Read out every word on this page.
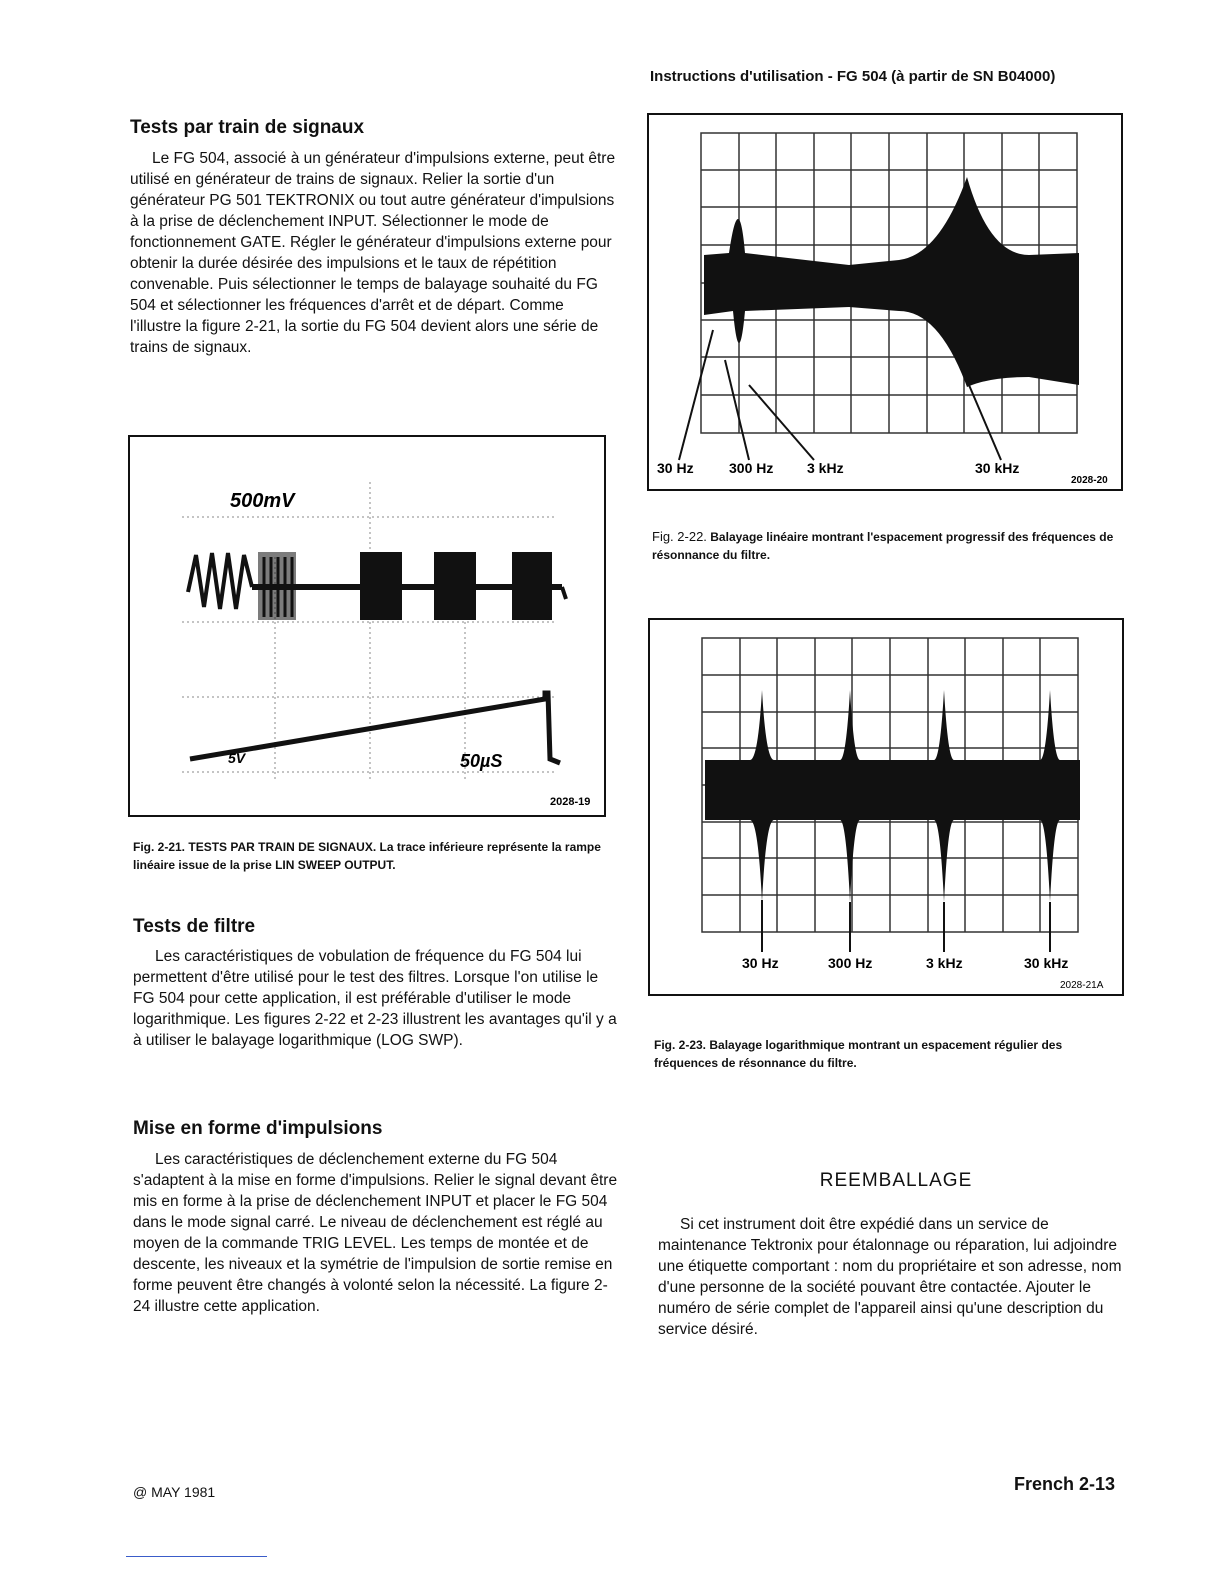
Instructions d'utilisation - FG 504 (à partir de SN B04000)
Tests par train de signaux

Le FG 504, associé à un générateur d'impulsions externe, peut être utilisé en générateur de trains de signaux. Relier la sortie d'un générateur PG 501 TEKTRONIX ou tout autre générateur d'impulsions à la prise de déclenchement INPUT. Sélectionner le mode de fonctionnement GATE. Régler le générateur d'impulsions externe pour obtenir la durée désirée des impulsions et le taux de répétition convenable. Puis sélectionner le temps de balayage souhaité du FG 504 et sélectionner les fréquences d'arrêt et de départ. Comme l'illustre la figure 2-21, la sortie du FG 504 devient alors une série de trains de signaux.

500mV
50µS
5V
2028-19
Fig. 2-21. TESTS PAR TRAIN DE SIGNAUX. La trace inférieure représente la rampe linéaire issue de la prise LIN SWEEP OUTPUT.
Tests de filtre

Les caractéristiques de vobulation de fréquence du FG 504 lui permettent d'être utilisé pour le test des filtres. Lorsque l'on utilise le FG 504 pour cette application, il est préférable d'utiliser le mode logarithmique. Les figures 2-22 et 2-23 illustrent les avantages qu'il y a à utiliser le balayage logarithmique (LOG SWP).

Mise en forme d'impulsions

Les caractéristiques de déclenchement externe du FG 504 s'adaptent à la mise en forme d'impulsions. Relier le signal devant être mis en forme à la prise de déclenchement INPUT et placer le FG 504 dans le mode signal carré. Le niveau de déclenchement est réglé au moyen de la commande TRIG LEVEL. Les temps de montée et de descente, les niveaux et la symétrie de l'impulsion de sortie remise en forme peuvent être changés à volonté selon la nécessité. La figure 2-24 illustre cette application.

30 Hz	300 Hz 3 kHz	30 kHz
2028-20
Fig. 2-22. Balayage linéaire montrant l'espacement progressif des fréquences de résonnance du filtre.
30 Hz	300 Hz	3 kHz	30 kHz
2028-21A
Fig. 2-23. Balayage logarithmique montrant un espacement régulier des fréquences de résonnance du filtre.
REEMBALLAGE

Si cet instrument doit être expédié dans un service de maintenance Tektronix pour étalonnage ou réparation, lui adjoindre une étiquette comportant : nom du propriétaire et son adresse, nom d'une personne de la société pouvant être contactée. Ajouter le numéro de série complet de l'appareil ainsi qu'une description du service désiré.

@ MAY 1981	French 2-13
